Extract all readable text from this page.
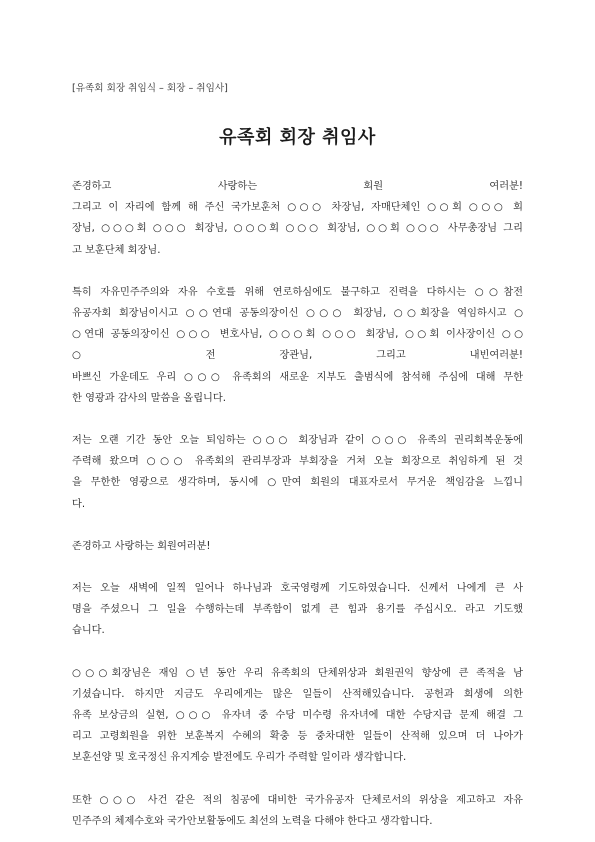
[유족회 회장 취임식 – 회장 – 취임사]
유족회 회장 취임사
존경하고 사랑하는 회원 여러분!
그리고 이 자리에 함께 해 주신 국가보훈처 ○○○ 차장님, 자매단체인 ○○회 ○○○ 회
장님, ○○○회 ○○○ 회장님, ○○○회 ○○○ 회장님, ○○회 ○○○ 사무총장님 그리
고 보훈단체 회장님.
특히 자유민주주의와 자유 수호를 위해 연로하심에도 불구하고 진력을 다하시는 ○○참전
유공자회 회장님이시고 ○○연대 공동의장이신 ○○○ 회장님, ○○회장을 역임하시고 ○
○연대 공동의장이신 ○○○ 변호사님, ○○○회 ○○○ 회장님, ○○회 이사장이신 ○○
○ 전 장관님, 그리고 내빈여러분!
바쁘신 가운데도 우리 ○○○ 유족회의 새로운 지부도 출범식에 참석해 주심에 대해 무한
한 영광과 감사의 말씀을 올립니다.
저는 오랜 기간 동안 오늘 퇴임하는 ○○○ 회장님과 같이 ○○○ 유족의 권리회복운동에
주력해 왔으며 ○○○ 유족회의 관리부장과 부회장을 거쳐 오늘 회장으로 취임하게 된 것
을 무한한 영광으로 생각하며, 동시에 ○만여 회원의 대표자로서 무거운 책임감을 느낍니
다.
존경하고 사랑하는 회원여러분!
저는 오늘 새벽에 일찍 일어나 하나님과 호국영령께 기도하였습니다. 신께서 나에게 큰 사
명을 주셨으니 그 일을 수행하는데 부족함이 없게 큰 힘과 용기를 주십시오. 라고 기도했
습니다.
○○○회장님은 재임 ○년 동안 우리 유족회의 단체위상과 회원권익 향상에 큰 족적을 남
기셨습니다. 하지만 지금도 우리에게는 많은 일들이 산적해있습니다. 공헌과 희생에 의한
유족 보상금의 실현, ○○○ 유자녀 중 수당 미수령 유자녀에 대한 수당지급 문제 해결 그
리고 고령회원을 위한 보훈복지 수혜의 확충 등 중차대한 일들이 산적해 있으며 더 나아가
보훈선양 및 호국정신 유지계승 발전에도 우리가 주력할 일이라 생각합니다.
또한 ○○○ 사건 같은 적의 침공에 대비한 국가유공자 단체로서의 위상을 제고하고 자유
민주주의 체제수호와 국가안보활동에도 최선의 노력을 다해야 한다고 생각합니다.
